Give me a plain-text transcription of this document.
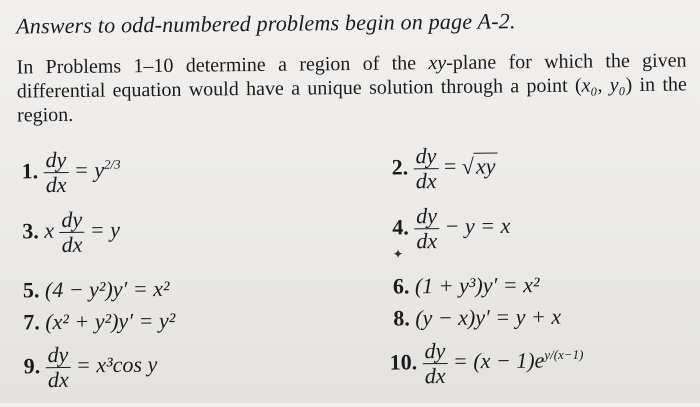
Answers to odd-numbered problems begin on page A-2.
In Problems 1–10 determine a region of the xy-plane for which the given differential equation would have a unique solution through a point (x₀, y₀) in the region.
1. $\frac{dy}{dx} = y^{2/3}$	2. $\frac{dy}{dx} = √xy$
3. x $\frac{dy}{dx} = y$	4. $\frac{dy}{dx} - y = x$
✦
5. (4 − y²)y′ = x²	6. (1 + y³)y′ = x²
7. (x² + y²)y′ = y²	8. (y − x)y′ = y + x
9. $\frac{dy}{dx} = x^3\cos$ y	10. $\frac{dy}{dx} = (x - 1)e^{y/(x-1)}$
